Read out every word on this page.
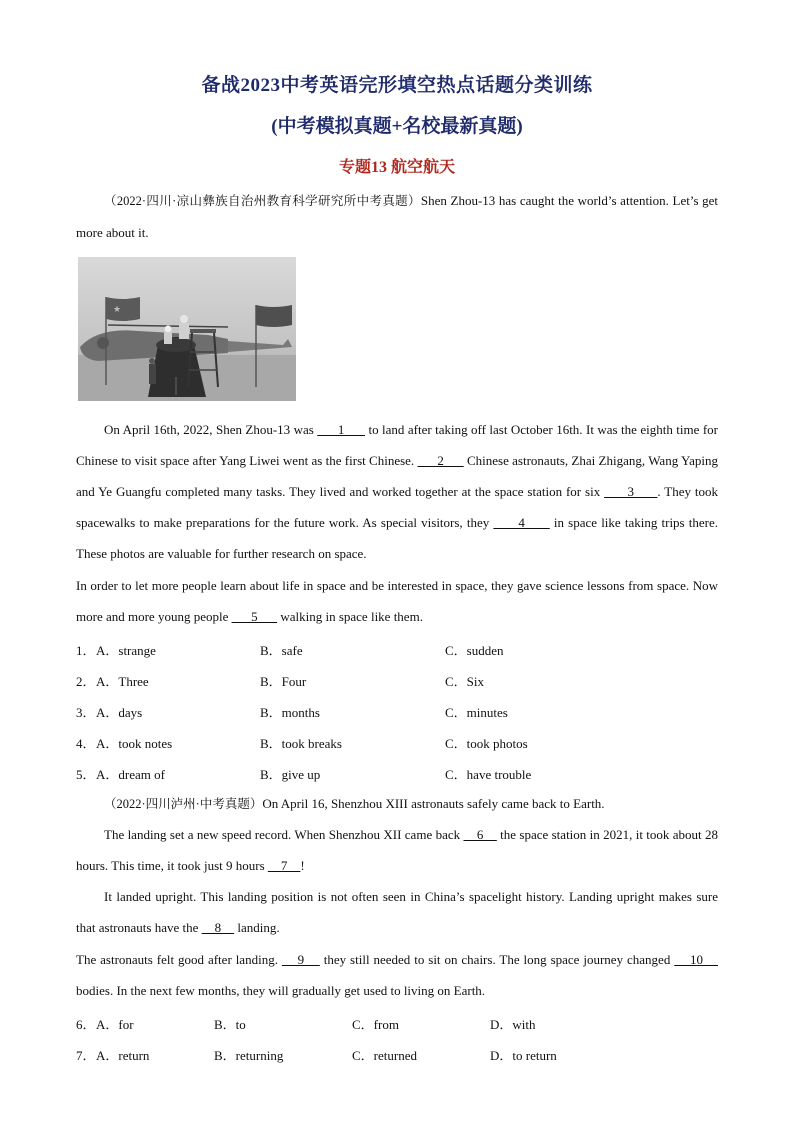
备战2023中考英语完形填空热点话题分类训练
(中考模拟真题+名校最新真题)
专题13 航空航天

（2022·四川·凉山彝族自治州教育科学研究所中考真题）Shen Zhou-13 has caught the world’s attention. Let’s get more about it.

★

On April 16th, 2022, Shen Zhou-13 was       1       to land after taking off last October 16th. It was the eighth time for Chinese to visit space after Yang Liwei went as the first Chinese.       2       Chinese astronauts, Zhai Zhigang, Wang Yaping and Ye Guangfu completed many tasks. They lived and worked together at the space station for six       3      . They took spacewalks to make preparations for the future work. As special visitors, they       4       in space like taking trips there. These photos are valuable for further research on space.

In order to let more people learn about life in space and be interested in space, they gave science lessons from space. Now more and more young people       5       walking in space like them.

1． A．strange	B．safe	C．sudden
2． A．Three	B．Four	C．Six
3． A．days	B．months	C．minutes
4． A．took notes	B．took breaks	C．took photos
5． A．dream of	B．give up	C．have trouble

（2022·四川泸州·中考真题）On April 16, Shenzhou XIII astronauts safely came back to Earth.

The landing set a new speed record. When Shenzhou XII came back     6     the space station in 2021, it took about 28 hours. This time, it took just 9 hours     7    !

It landed upright. This landing position is not often seen in China’s spacelight history. Landing upright makes sure that astronauts have the     8     landing.

The astronauts felt good after landing.     9     they still needed to sit on chairs. The long space journey changed     10     bodies. In the next few months, they will gradually get used to living on Earth.

6． A．for	B．to	C．from	D．with
7． A．return	B．returning	C．returned	D．to return
